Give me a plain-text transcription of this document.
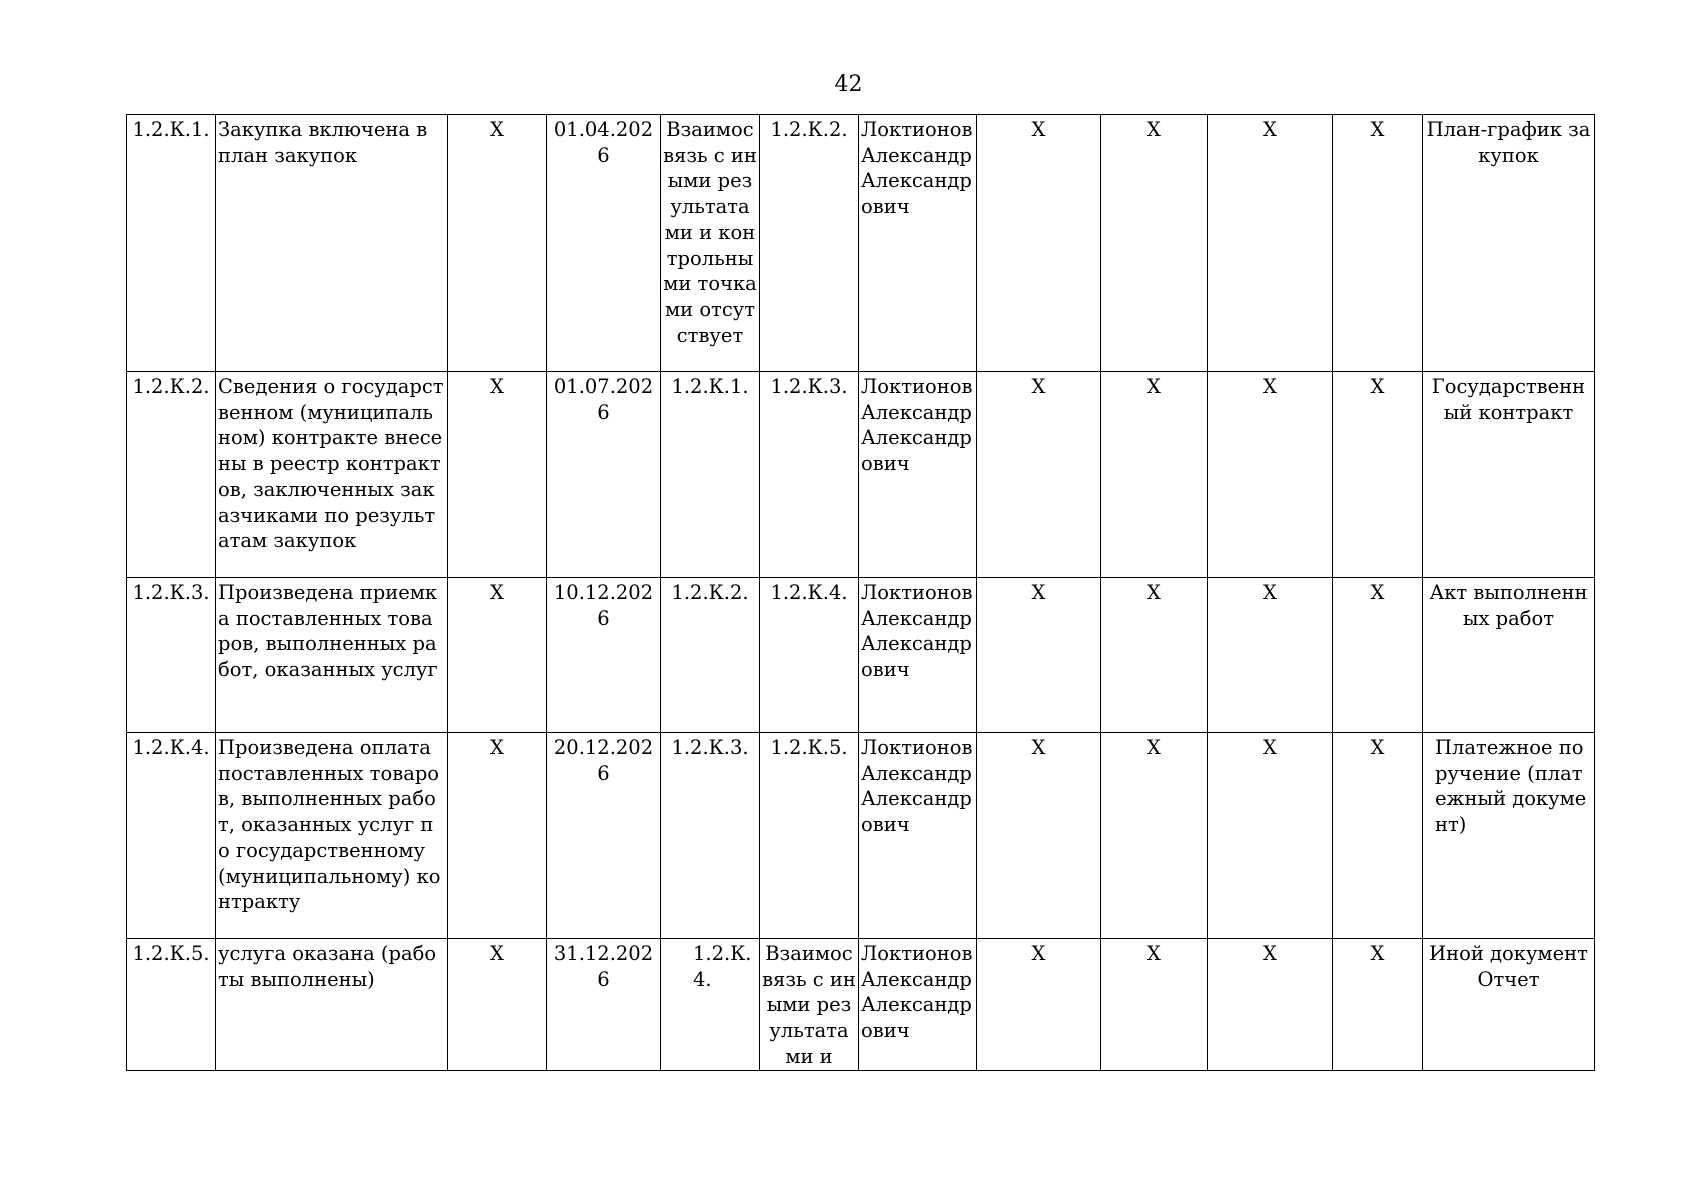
42
1.2.К.1.	Закупка включена в план закупок	X	01.04.2026	Взаимосвязь с иными результатами и контрольными точками отсутствует	1.2.К.2.	Локтионов Александр Александрович	X	X	X	X	План-график закупок
1.2.К.2.	Сведения о государственном (муниципальном) контракте внесены в реестр контрактов, заключенных заказчиками по результатам закупок	X	01.07.2026	1.2.К.1.	1.2.К.3.	Локтионов Александр Александрович	X	X	X	X	Государственный контракт
1.2.К.3.	Произведена приемка поставленных товаров, выполненных работ, оказанных услуг	X	10.12.2026	1.2.К.2.	1.2.К.4.	Локтионов Александр Александрович	X	X	X	X	Акт выполненных работ
1.2.К.4.	Произведена оплата поставленных товаров, выполненных работ, оказанных услуг по государственному (муниципальному) контракту	X	20.12.2026	1.2.К.3.	1.2.К.5.	Локтионов Александр Александрович	X	X	X	X	Платежное поручение (платежный документ)
1.2.К.5.	услуга оказана (работы выполнены)	X	31.12.2026	1.2.К.4.	Взаимосвязь с иными результатами и	Локтионов Александр Александрович	X	X	X	X	Иной документ Отчет
